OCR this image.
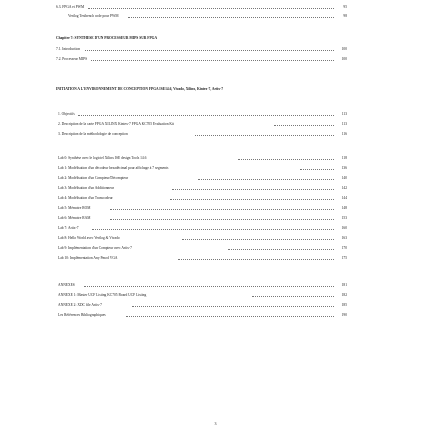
6.3. FPGA et PWM	95
Verilog Testbench code pour PWM	98
Chapitre 7: SYNTHESE D'UN PROCESSEUR MIPS SUR FPGA
7.1. Introduction	100
7.2. Processeur MIPS	100
INITIATION A L'ENVIRONNEMENT DE CONCEPTION FPGA ISE14.6, Vivado, Xilinx, Kintex-7, Artix-7
1. Objectifs	113
2. Description de la carte FPGA XILINX Kintex-7 FPGA KC705 Evaluation Kit	113
3. Description de la méthodologie de conception	116
Lab 0: Synthèse avec le logiciel Xilinx ISE design Tools 14.6	118
Lab 1: Modélisation d'un décodeur hexadécimal pour affichage à 7 segments	136
Lab 2: Modélisation d'un Compteur/Décompteur	140
Lab 3: Modélisation d'un Additionneur	142
Lab 4: Modélisation d'un Transcodeur	144
Lab 5: Mémoire ROM	148
Lab 6: Mémoire RAM	153
Lab 7: Artix-7	160
Lab 8: Hello World avec Verilog & Vivado	163
Lab 9: Implémentation d'un Compteur avec Artix-7	170
Lab 10: Implémentation Any Pmod VGA	175
ANNEXES	181
ANNEXE 1: Master UCF Listing KC705 Board UCF Listing	182
ANNEXE 2: XDC file Artix-7	185
Les Références Bibliographiques	190
3
